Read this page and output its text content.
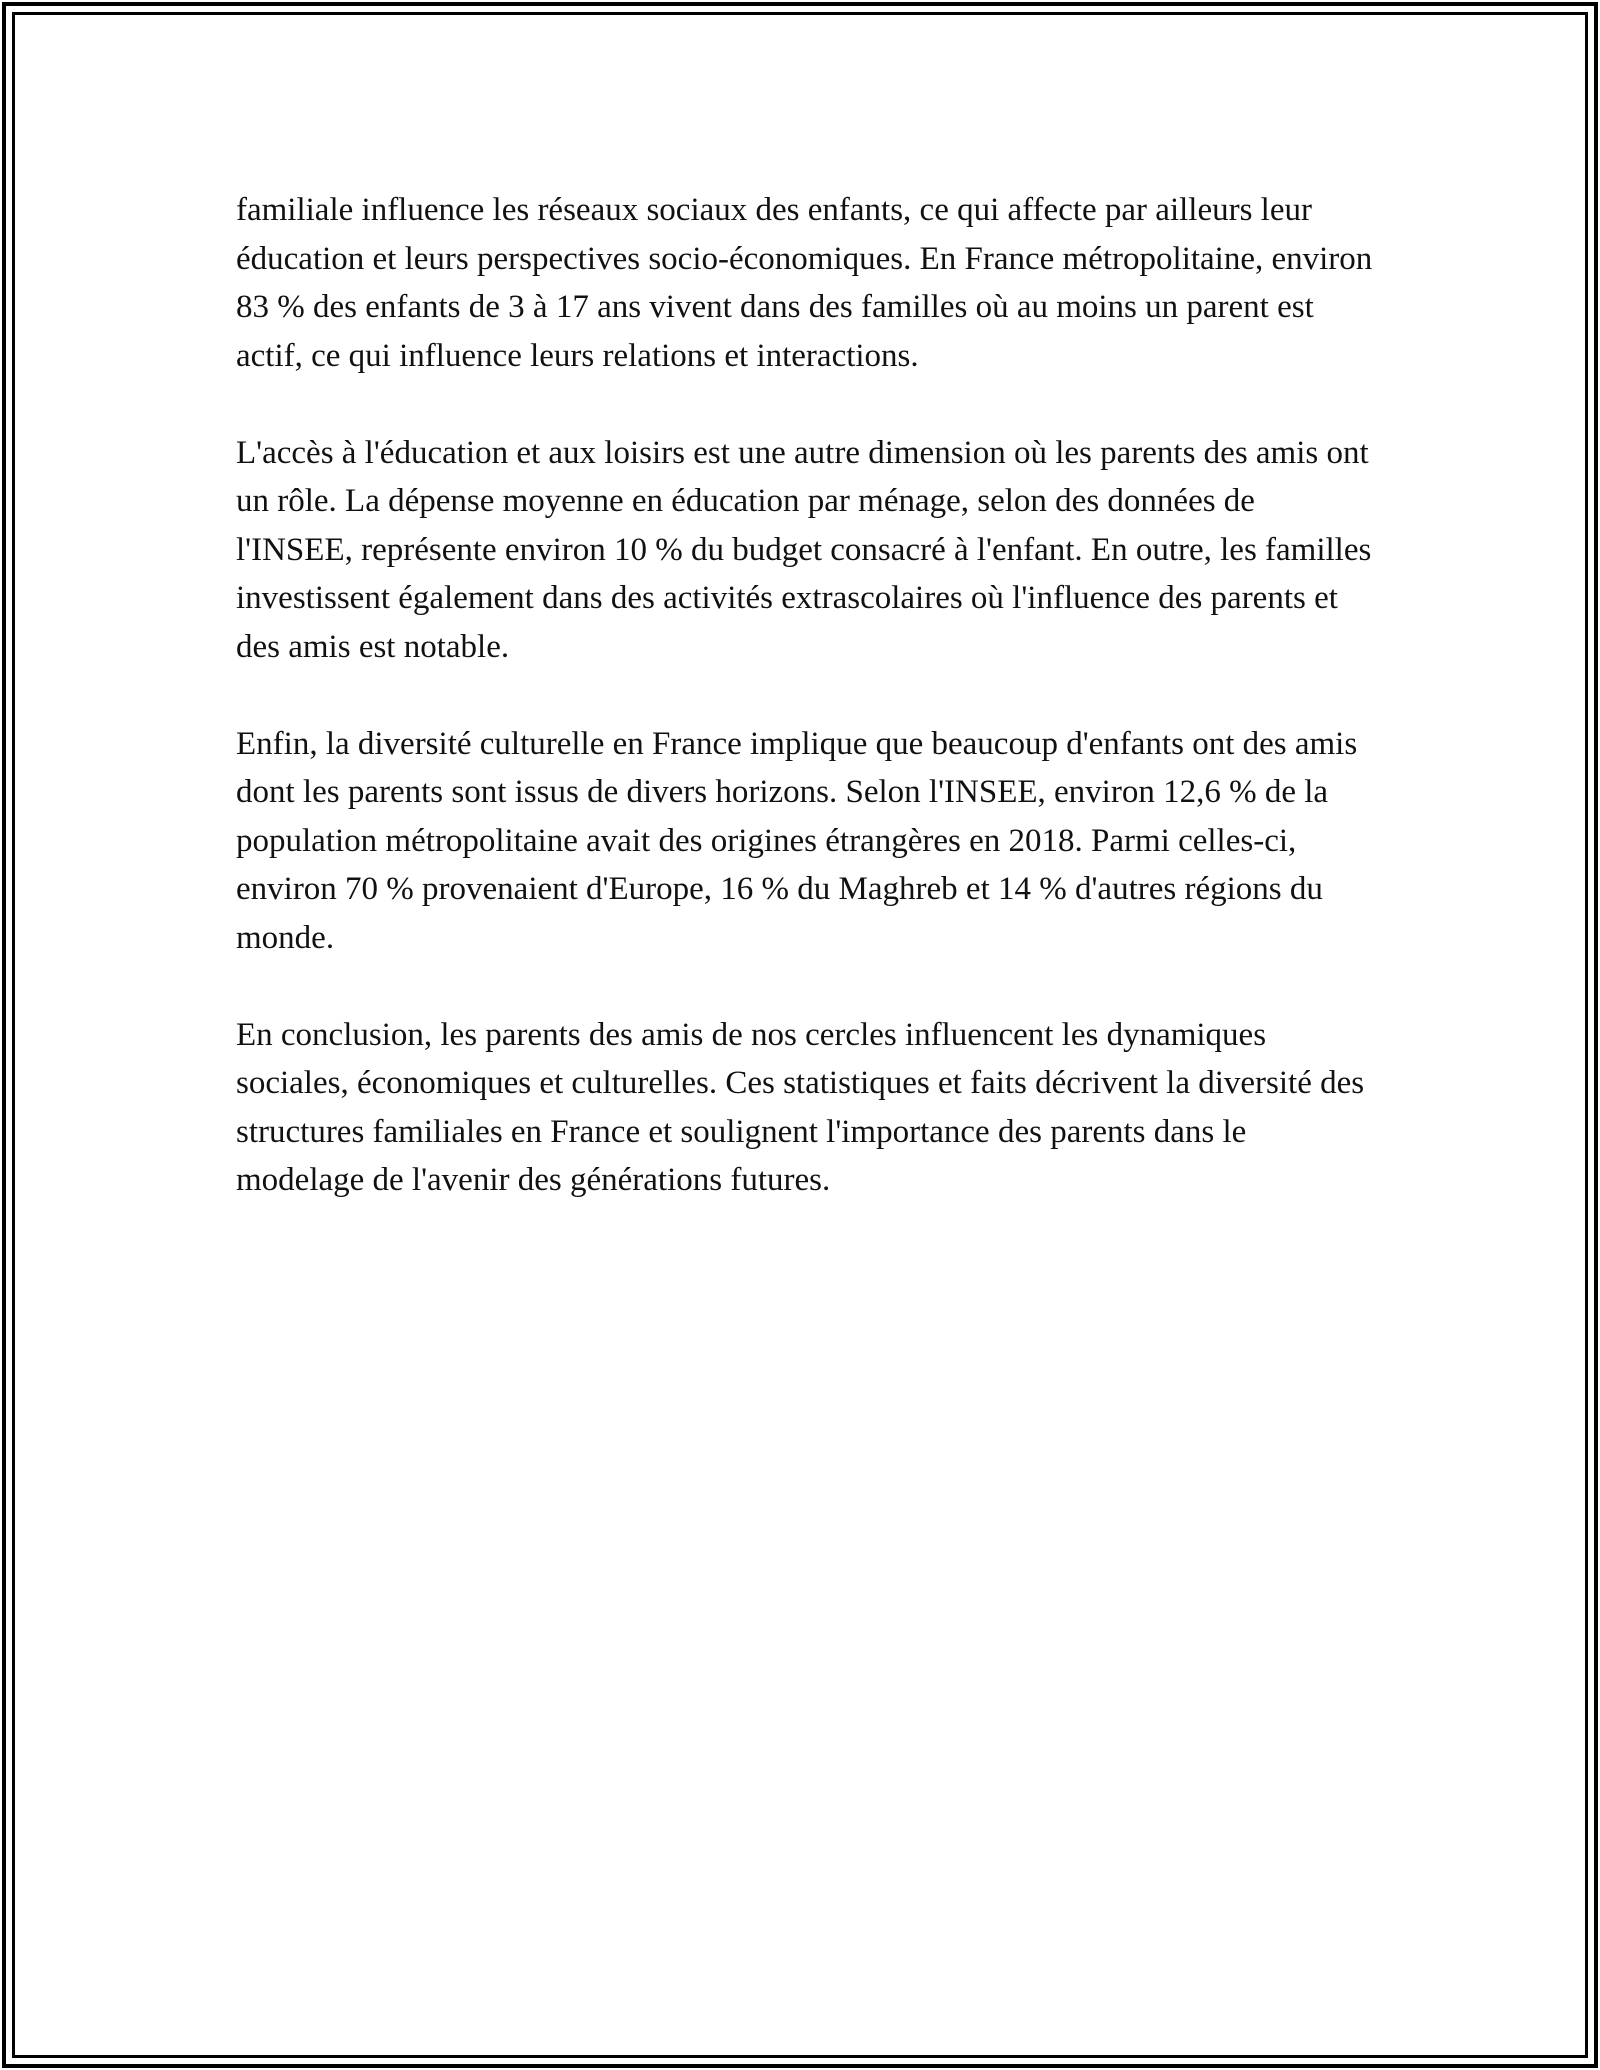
familiale influence les réseaux sociaux des enfants, ce qui affecte par ailleurs leur éducation et leurs perspectives socio-économiques. En France métropolitaine, environ 83 % des enfants de 3 à 17 ans vivent dans des familles où au moins un parent est actif, ce qui influence leurs relations et interactions.

L'accès à l'éducation et aux loisirs est une autre dimension où les parents des amis ont un rôle. La dépense moyenne en éducation par ménage, selon des données de l'INSEE, représente environ 10 % du budget consacré à l'enfant. En outre, les familles investissent également dans des activités extrascolaires où l'influence des parents et des amis est notable.

Enfin, la diversité culturelle en France implique que beaucoup d'enfants ont des amis dont les parents sont issus de divers horizons. Selon l'INSEE, environ 12,6 % de la population métropolitaine avait des origines étrangères en 2018. Parmi celles-ci, environ 70 % provenaient d'Europe, 16 % du Maghreb et 14 % d'autres régions du monde.

En conclusion, les parents des amis de nos cercles influencent les dynamiques sociales, économiques et culturelles. Ces statistiques et faits décrivent la diversité des structures familiales en France et soulignent l'importance des parents dans le modelage de l'avenir des générations futures.
